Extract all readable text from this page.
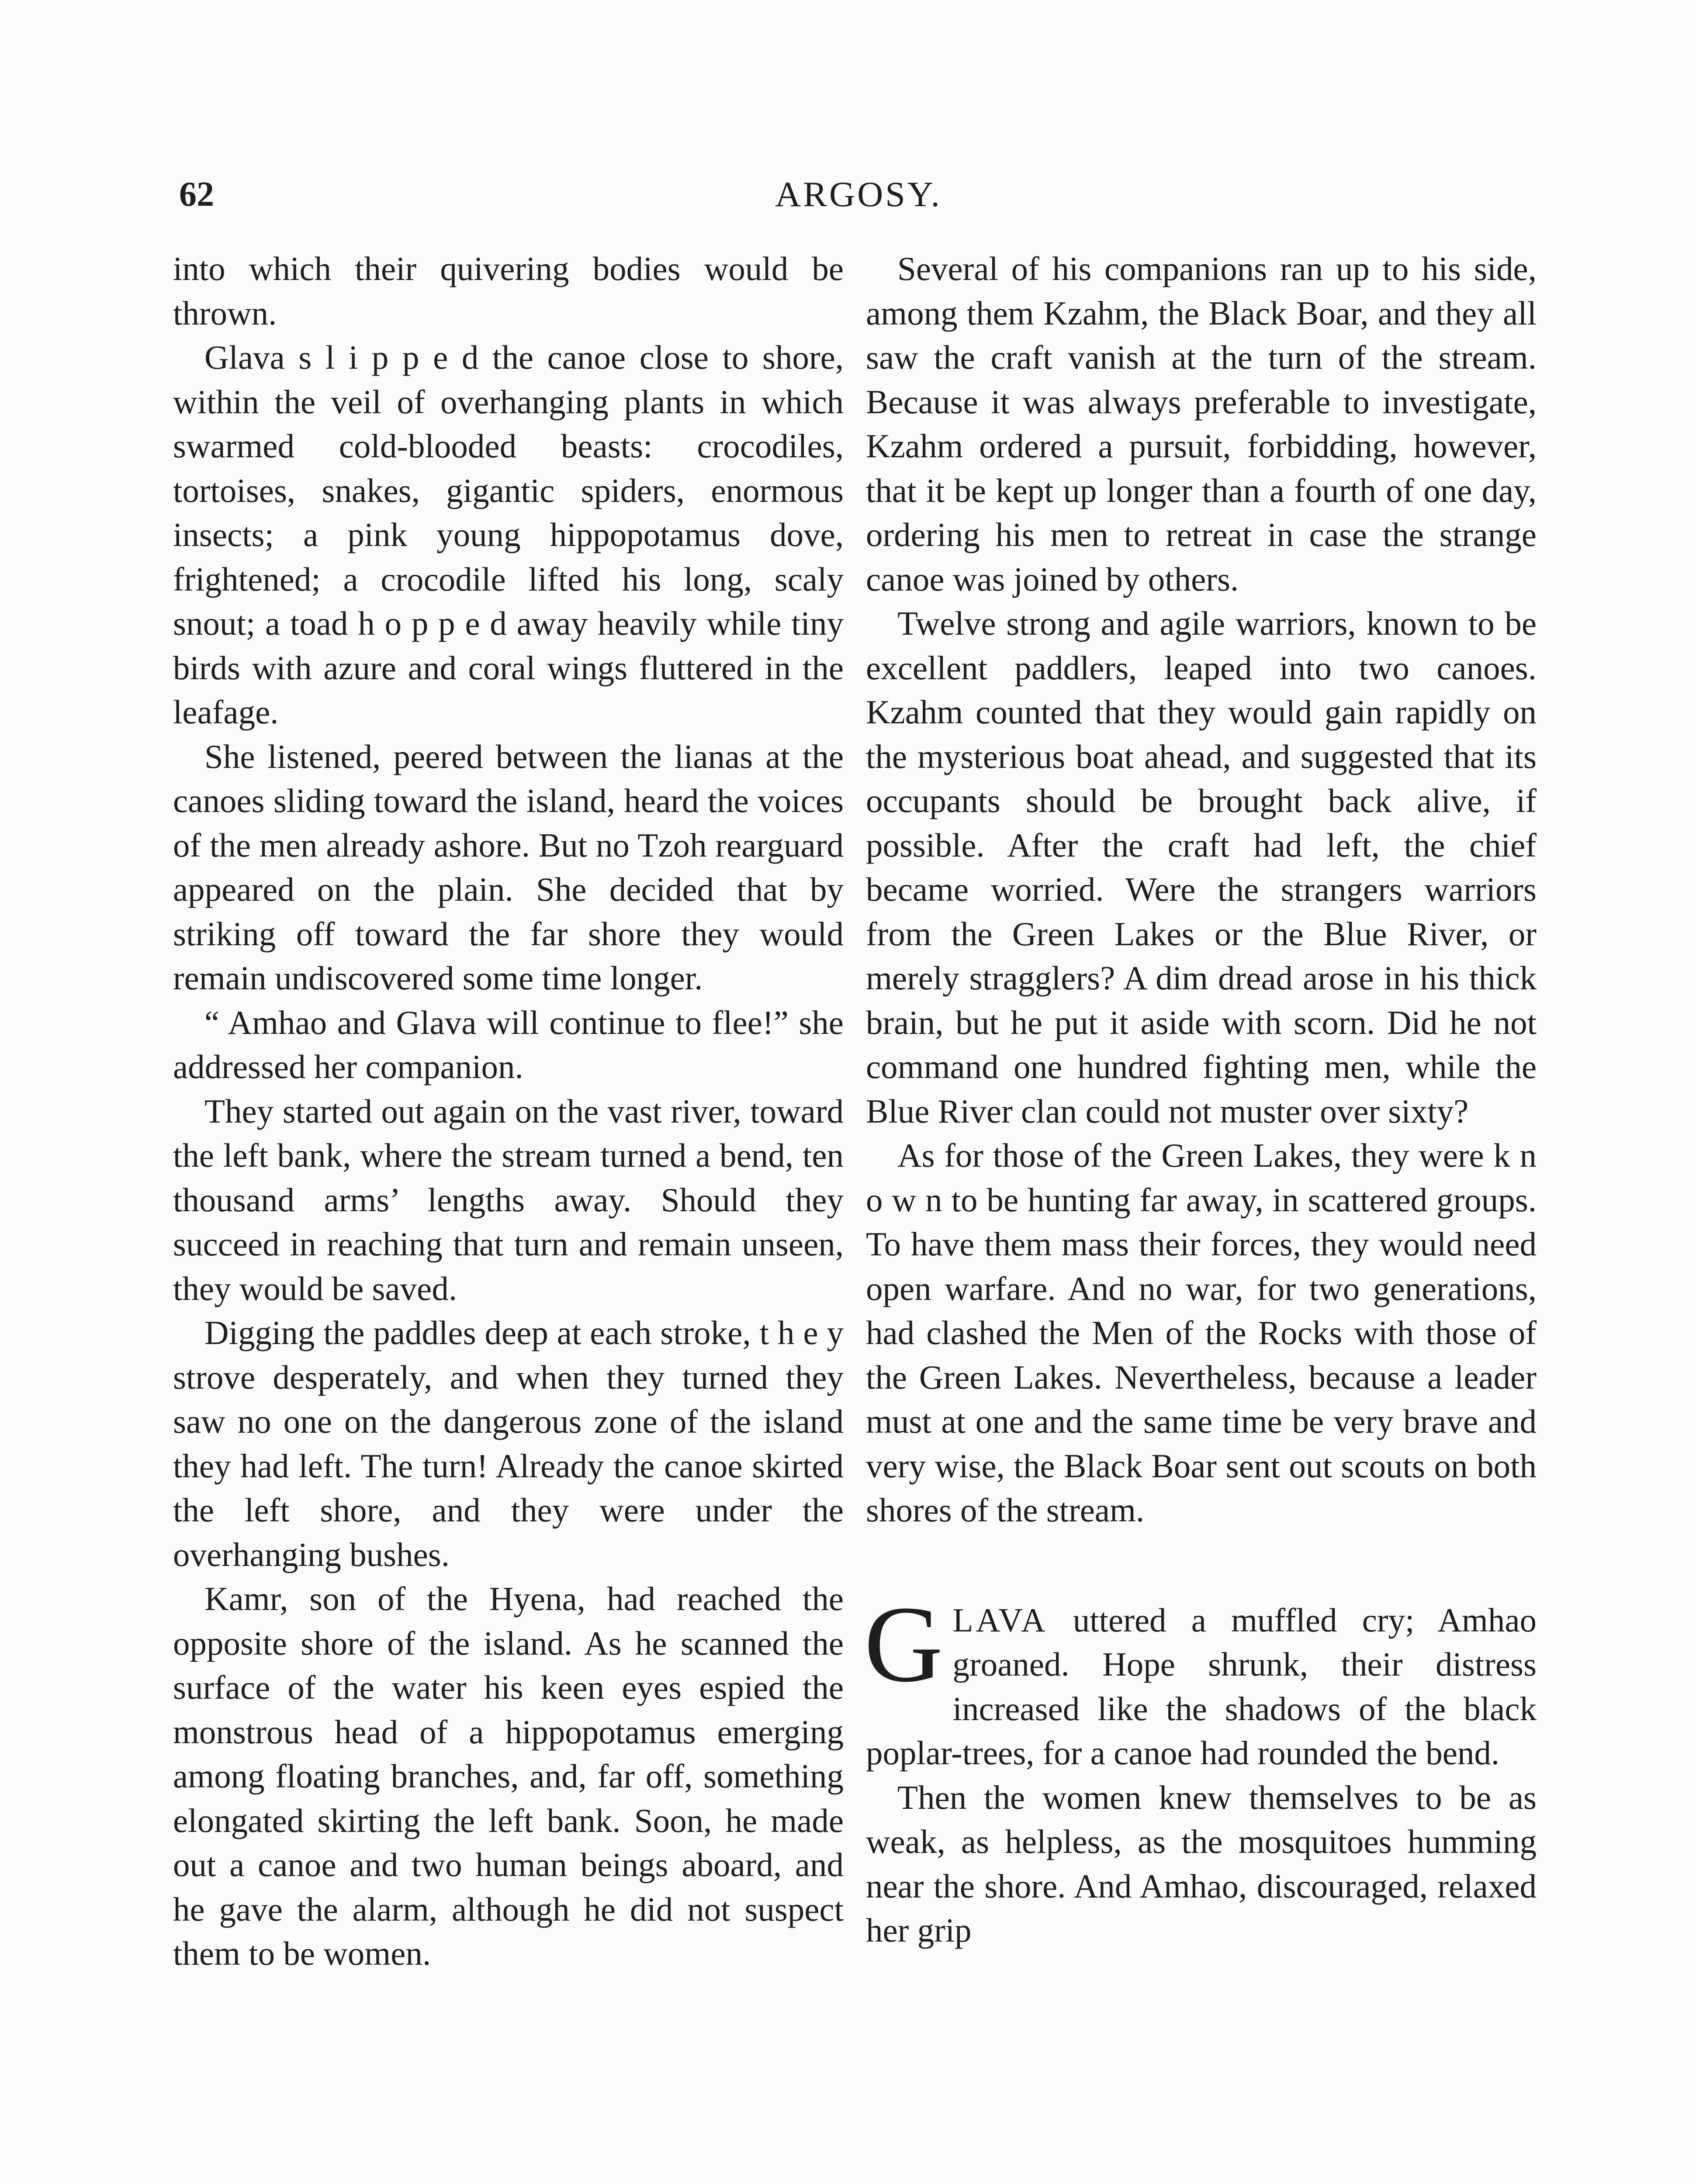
62	ARGOSY.

into which their quivering bodies would be thrown.

Glava s l i p p e d the canoe close to shore, within the veil of overhanging plants in which swarmed cold-blooded beasts: crocodiles, tortoises, snakes, gigantic spiders, enormous insects; a pink young hippopotamus dove, frightened; a crocodile lifted his long, scaly snout; a toad h o p p e d away heavily while tiny birds with azure and coral wings fluttered in the leafage.

She listened, peered between the lianas at the canoes sliding toward the island, heard the voices of the men already ashore. But no Tzoh rearguard appeared on the plain. She decided that by striking off toward the far shore they would remain undiscovered some time longer.

“ Amhao and Glava will continue to flee!” she addressed her companion.

They started out again on the vast river, toward the left bank, where the stream turned a bend, ten thousand arms’ lengths away. Should they succeed in reaching that turn and remain unseen, they would be saved.

Digging the paddles deep at each stroke, t h e y strove desperately, and when they turned they saw no one on the dangerous zone of the island they had left. The turn! Already the canoe skirted the left shore, and they were under the overhanging bushes.

Kamr, son of the Hyena, had reached the opposite shore of the island. As he scanned the surface of the water his keen eyes espied the monstrous head of a hippopotamus emerging among floating branches, and, far off, something elongated skirting the left bank. Soon, he made out a canoe and two human beings aboard, and he gave the alarm, although he did not suspect them to be women.

Several of his companions ran up to his side, among them Kzahm, the Black Boar, and they all saw the craft vanish at the turn of the stream. Because it was always preferable to investigate, Kzahm ordered a pursuit, forbidding, however, that it be kept up longer than a fourth of one day, ordering his men to retreat in case the strange canoe was joined by others.

Twelve strong and agile warriors, known to be excellent paddlers, leaped into two canoes. Kzahm counted that they would gain rapidly on the mysterious boat ahead, and suggested that its occupants should be brought back alive, if possible. After the craft had left, the chief became worried. Were the strangers warriors from the Green Lakes or the Blue River, or merely stragglers? A dim dread arose in his thick brain, but he put it aside with scorn. Did he not command one hundred fighting men, while the Blue River clan could not muster over sixty?

As for those of the Green Lakes, they were k n o w n to be hunting far away, in scattered groups. To have them mass their forces, they would need open warfare. And no war, for two generations, had clashed the Men of the Rocks with those of the Green Lakes. Nevertheless, because a leader must at one and the same time be very brave and very wise, the Black Boar sent out scouts on both shores of the stream.

GLAVA uttered a muffled cry; Amhao groaned. Hope shrunk, their distress increased like the shadows of the black poplar-trees, for a canoe had rounded the bend.

Then the women knew themselves to be as weak, as helpless, as the mosquitoes humming near the shore. And Amhao, discouraged, relaxed her grip
